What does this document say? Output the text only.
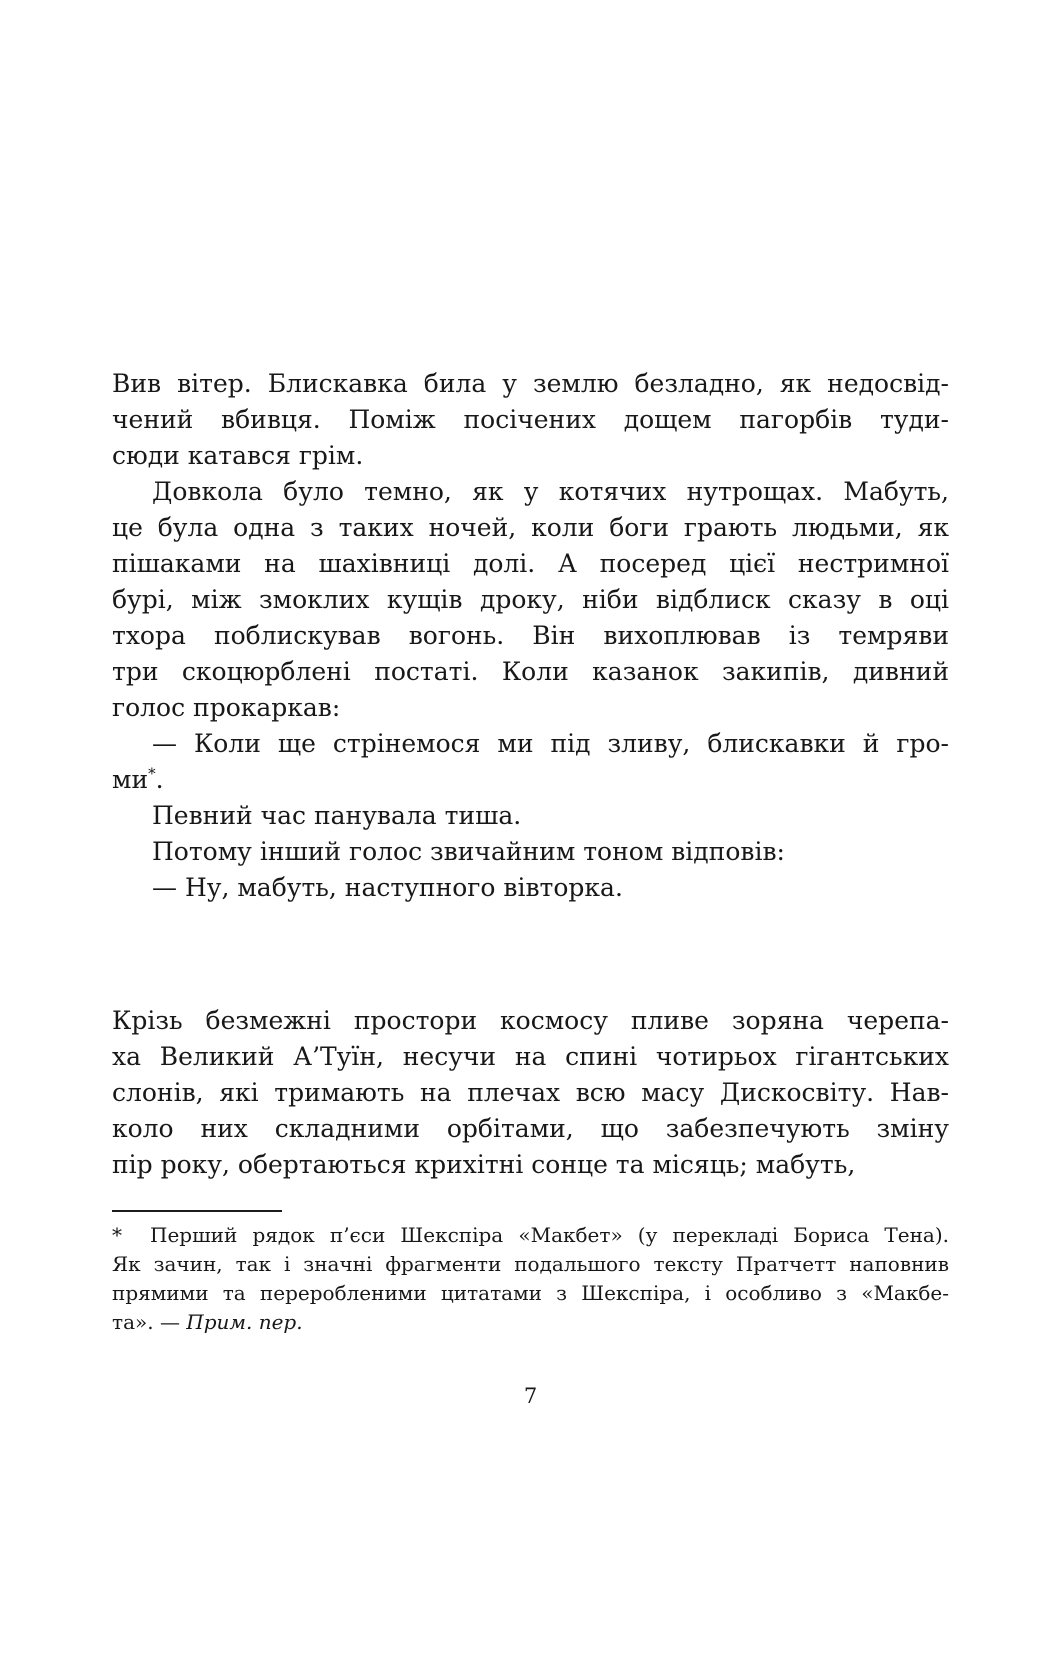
Вив вітер. Блискавка била у землю безладно, як недосвід-
чений вбивця. Поміж посічених дощем пагорбів туди-
сюди катався грім.
Довкола було темно, як у котячих нутрощах. Мабуть,
це була одна з таких ночей, коли боги грають людьми, як
пішаками на шахівниці долі. А посеред цієї нестримної
бурі, між змоклих кущів дроку, ніби відблиск сказу в оці
тхора поблискував вогонь. Він вихоплював із темряви
три скоцюрблені постаті. Коли казанок закипів, дивний
голос прокаркав:
— Коли ще стрінемося ми під зливу, блискавки й гро-
ми*.
Певний час панувала тиша.
Потому інший голос звичайним тоном відповів:
— Ну, мабуть, наступного вівторка.
Крізь безмежні простори космосу пливе зоряна черепа-
ха Великий А’Туїн, несучи на спині чотирьох гігантських
слонів, які тримають на плечах всю масу Дискосвіту. Нав-
коло них складними орбітами, що забезпечують зміну
пір року, обертаються крихітні сонце та місяць; мабуть,
* Перший рядок п’єси Шекспіра «Макбет» (у перекладі Бориса Тена).
Як зачин, так і значні фрагменти подальшого тексту Пратчетт наповнив
прямими та переробленими цитатами з Шекспіра, і особливо з «Макбе-
та». — Прим. пер.
7
